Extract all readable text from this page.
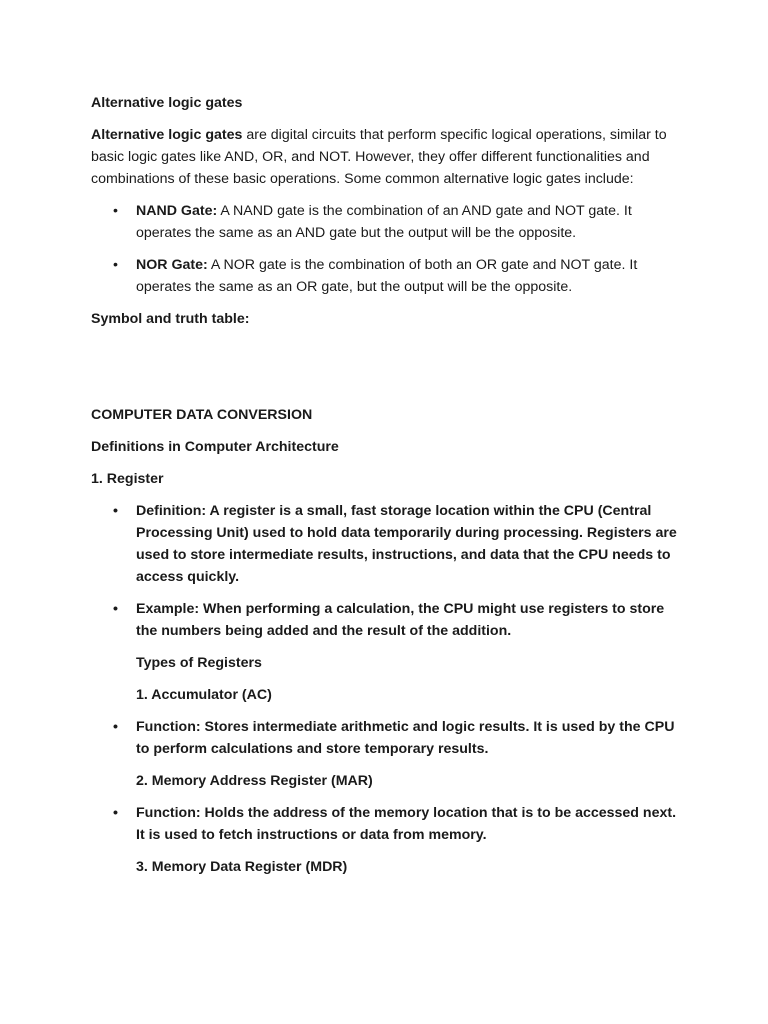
Alternative logic gates

Alternative logic gates are digital circuits that perform specific logical operations, similar to basic logic gates like AND, OR, and NOT. However, they offer different functionalities and combinations of these basic operations. Some common alternative logic gates include:

• NAND Gate: A NAND gate is the combination of an AND gate and NOT gate. It operates the same as an AND gate but the output will be the opposite.
• NOR Gate: A NOR gate is the combination of both an OR gate and NOT gate. It operates the same as an OR gate, but the output will be the opposite.

Symbol and truth table:

COMPUTER DATA CONVERSION

Definitions in Computer Architecture

1. Register

• Definition: A register is a small, fast storage location within the CPU (Central Processing Unit) used to hold data temporarily during processing. Registers are used to store intermediate results, instructions, and data that the CPU needs to access quickly.
• Example: When performing a calculation, the CPU might use registers to store the numbers being added and the result of the addition.

Types of Registers

1. Accumulator (AC)

• Function: Stores intermediate arithmetic and logic results. It is used by the CPU to perform calculations and store temporary results.

2. Memory Address Register (MAR)

• Function: Holds the address of the memory location that is to be accessed next. It is used to fetch instructions or data from memory.

3. Memory Data Register (MDR)
